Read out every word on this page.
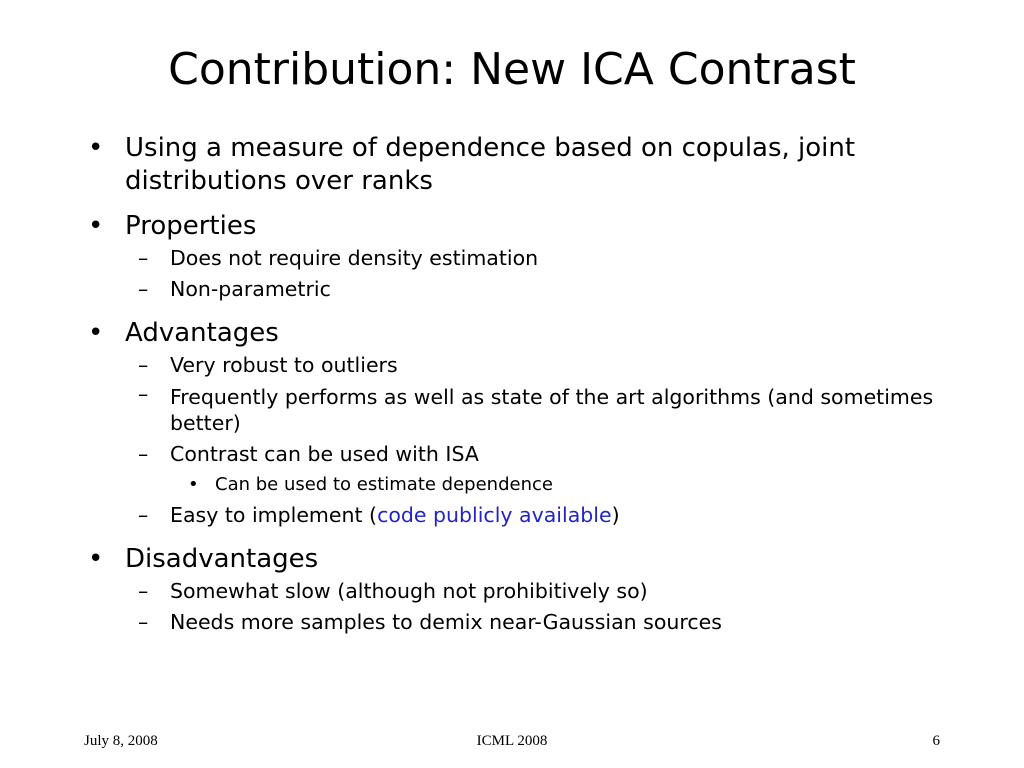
Contribution: New ICA Contrast
• Using a measure of dependence based on copulas, joint distributions over ranks
• Properties
– Does not require density estimation
– Non-parametric
• Advantages
– Very robust to outliers
– Frequently performs as well as state of the art algorithms (and sometimes better)
– Contrast can be used with ISA
• Can be used to estimate dependence
– Easy to implement (code publicly available)
• Disadvantages
– Somewhat slow (although not prohibitively so)
– Needs more samples to demix near-Gaussian sources
July 8, 2008	ICML 2008	6
